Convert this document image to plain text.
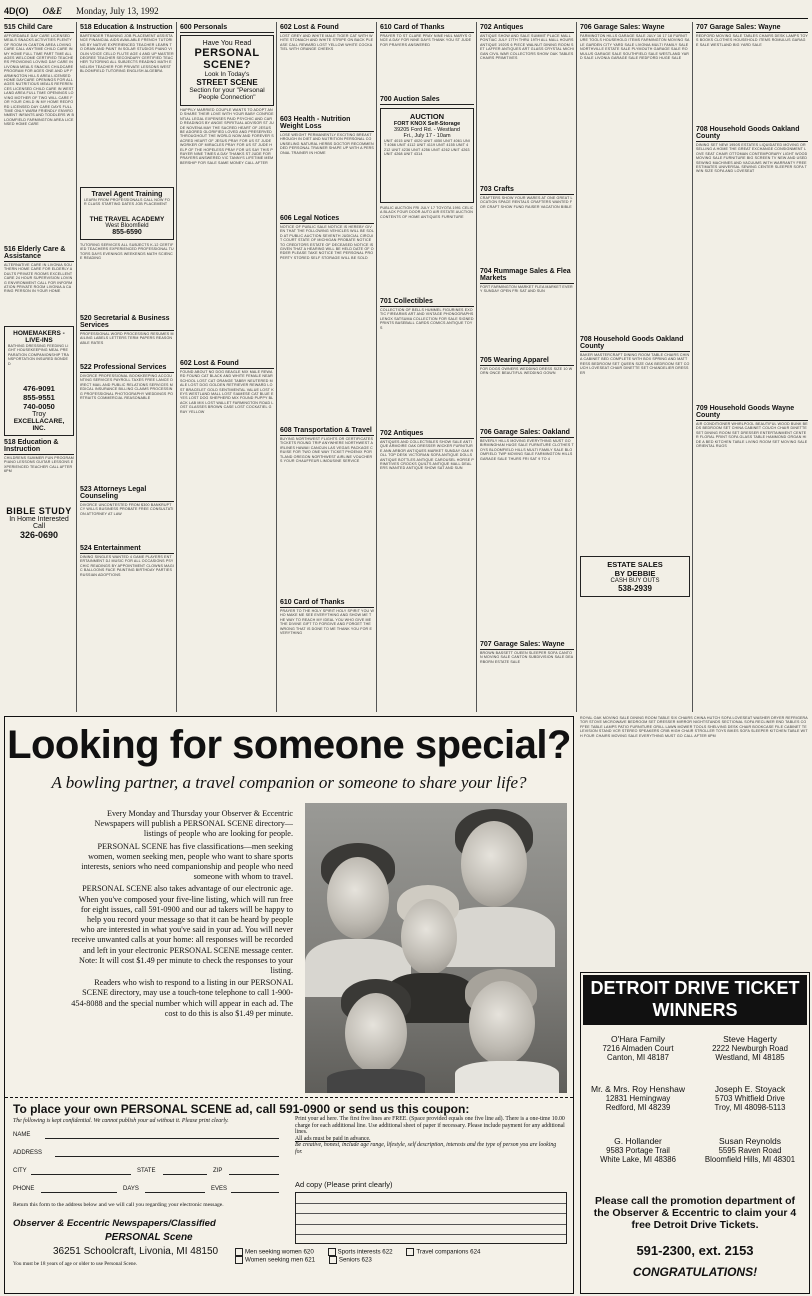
4D(O) O&E Monday, July 13, 1992
515 Child Care
AFFORDABLE DAY CARE LICENSED MEALS SNACKS ACTIVITIES PLENTY OF ROOM IN CANTON AREA LOVING CARE CALL ANYTIME CHILD CARE IN MY HOME FULL TIME PART TIME ALL AGES WELCOME CERTIFIED TEACHERS PROVIDING LOVING DAY CARE IN LIVONIA MEALS SNACKS CHILDCARE PROGRAM FOR AGES ONE AND UP FARMINGTON HILLS AREA LICENSED HOME DAYCARE OPENINGS FOR ALL AGES NUTRITIOUS MEALS REFERENCES LICENSED CHILD CARE IN WESTLAND AREA FULL TIME OPENINGS LOVING MOTHER OF TWO WILL CARE FOR YOUR CHILD IN MY HOME REDFORD LICENSED DAY CARE DAYS FULL TIME ONLY WARM FRIENDLY ENVIRONMENT INFANTS AND TODDLERS W BLOOMFIELD FARMINGTON AREA LICENSED HOME CARE
516 Elderly Care & Assistance
ALTERNATIVE CARE IN LIVONIA SOUTHERN HOME CARE FOR ELDERLY ADULTS PRIVATE ROOMS EXCELLENT CARE 24 HOUR SUPERVISION LOVING ENVIRONMENT CALL FOR INFORMATION PRIVATE ROOM LIVONIA A CARING PERSON IN YOUR HOME
HOMEMAKERS - LIVE-INS
BATHING DRESSING FEEDING LIGHT HOUSEKEEPING MEAL PREPARATION COMPANIONSHIP TRANSPORTATION INSURED BONDED
476-9091
855-9551
740-0050
Troy
EXCELLACARE, INC.
518 Education & Instruction
CHILDRENS SUMMER FUN PROGRAM PIANO LESSONS GUITAR LESSONS EXPERIENCED TEACHER CALL AFTER 6PM
BIBLE STUDY
In Home Interested Call
326-0690
518 Education & Instruction
BARTENDER TRAINING JOB PLACEMENT ASSISTANCE FINANCIAL AIDS AVAILABLE FRENCH TUTORING BY NATIVE EXPERIENCED TEACHER LEARN TO DRAW AND PAINT IN SOLAR STUDIOS PIANO VIOLIN VOICE CELLO FLUTE AGE 4 AND UP MASTER DEGREE TEACHER SECONDARY CERTIFIED TEACHER TUTORING ALL SUBJECTS READING MATH ENGLISH TEACHER FOR PRIVATE LESSONS WEST BLOOMFIELD TUTORING ENGLISH ALGEBRA
Travel Agent Training
LEARN FROM PROFESSIONALS CALL NOW FOR CLASS STARTING DATES JOB PLACEMENT
THE TRAVEL ACADEMY
West Bloomfield
855-6590
TUTORING SERVICES ALL SUBJECTS K-12 CERTIFIED TEACHERS EXPERIENCED PROFESSIONAL TUTORS DAYS EVENINGS WEEKENDS MATH SCIENCE READING
520 Secretarial & Business Services
PROFESSIONAL WORD PROCESSING RESUMES MAILING LABELS LETTERS TERM PAPERS REASONABLE RATES
522 Professional Services
DIVORCE PROFESSIONAL BOOKKEEPING ACCOUNTING SERVICES PAYROLL TAXES FREE LANCE DIRECT MAIL AND PUBLIC RELATIONS SERVICES MEDICAL INSURANCE BILLING CLAIMS PROCESSING PROFESSIONAL PHOTOGRAPHY WEDDINGS PORTRAITS COMMERCIAL REASONABLE
523 Attorneys Legal Counseling
DIVORCE UNCONTESTED FROM $300 BANKRUPTCY WILLS BUSINESS PROBATE FREE CONSULTATION ATTORNEY AT LAW
524 Entertainment
DINING SINGLES WANTED 4 GAME PLAYERS ENTERTAINMENT DJ MUSIC FOR ALL OCCASIONS PSYCHIC READINGS BY APPOINTMENT CLOWNS MAGIC BALLOONS FACE PAINTING BIRTHDAY PARTIES RUSSIAN ADOPTIONS
600 Personals
Have You Read
PERSONAL SCENE?
Look In Today's
STREET SCENE
Section for your "Personal People Connection"
HAPPILY MARRIED COUPLE WANTS TO ADOPT AND SHARE THEIR LOVE WITH YOUR BABY CONFIDENTIAL LEGAL EXPENSES PAID PSYCHIC AND CARD READINGS BY ANGIE SPIRITUAL ADVISOR ST JUDE NOVENA MAY THE SACRED HEART OF JESUS BE ADORED GLORIFIED LOVED AND PRESERVED THROUGHOUT THE WORLD NOW AND FOREVER SACRED HEART OF JESUS PRAY FOR US ST JUDE WORKER OF MIRACLES PRAY FOR US ST JUDE HELP OF THE HOPELESS PRAY FOR US SAY THIS PRAYER NINE TIMES A DAY THANKS ST JUDE FOR PRAYERS ANSWERED VIC TANNYS LIFETIME MEMBERSHIP FOR SALE SAME MONEY CALL AFTER
602 Lost & Found
FOUND ABOUT NO DOG BEAGLE MIX MALE REWARD FOUND CAT BLACK AND WHITE FEMALE NEAR SCHOOL LOST CAT ORANGE TABBY NEUTERED MALE LOST DOG GOLDEN RETRIEVER REWARD LOST BRACELET GOLD SENTIMENTAL VALUE LOST KEYS WESTLAND MALL LOST SIAMESE CAT BLUE EYES LOST DOG SHEPHERD MIX FOUND PUPPY BLACK LAB MIX LOST WALLET FARMINGTON ROAD LOST GLASSES BROWN CASE LOST COCKATIEL GRAY YELLOW
602 Lost & Found
LOST GREY AND WHITE MALE TIGER CAT WITH WHITE STOMACH AND WHITE STRIPE ON BACK PLEASE CALL REWARD LOST YELLOW WHITE COCKATIEL WITH ORANGE CHEEKS
603 Health - Nutrition Weight Loss
LOSE WEIGHT PERMANENTLY EXCITING BREAKTHROUGH IN DIET AND NUTRITION PERSONAL COUNSELING NATURAL HERBS DOCTOR RECOMMENDED PERSONAL TRAINER SHAPE UP WITH A PERSONAL TRAINER IN HOME
606 Legal Notices
NOTICE OF PUBLIC SALE NOTICE IS HEREBY GIVEN THAT THE FOLLOWING VEHICLES WILL BE SOLD AT PUBLIC AUCTION SEVENTH JUDICIAL CIRCUIT COURT STATE OF MICHIGAN PROBATE NOTICE TO CREDITORS ESTATE OF DECEASED NOTICE IS GIVEN THAT A HEARING WILL BE HELD DATE OF ORDER PLEASE TAKE NOTICE THE PERSONAL PROPERTY STORED SELF STORAGE WILL BE SOLD
608 Transportation & Travel
BUYING NORTHWEST FLIGHTS OR CERTIFICATES TICKETS ROUND TRIP ANYWHERE NORTHWEST AIRLINES HAWAII CANCUN LAS VEGAS PACKAGE CRUISE FOR TWO ONE WAY TICKET PHOENIX PORTLAND OREGON NORTHWEST AIRLINE VOUCHERS YOUR CHAUFFEUR LIMOUSINE SERVICE
610 Card of Thanks
PRAYER TO THE HOLY SPIRIT HOLY SPIRIT YOU WHO MAKE ME SEE EVERYTHING AND SHOW ME THE WAY TO REACH MY IDEAL YOU WHO GIVE ME THE DIVINE GIFT TO FORGIVE AND FORGET THE WRONG THAT IS DONE TO ME THANK YOU FOR EVERYTHING
610 Card of Thanks
PRAYER TO ST CLARE PRAY NINE HAIL MARYS ONCE A DAY FOR NINE DAYS THANK YOU ST JUDE FOR PRAYERS ANSWERED
700 Auction Sales
AUCTION
FORT KNOX Self-Storage
39205 Ford Rd. - Westland
Fri., July 17 - 10am
UNIT 4015 UNIT 4020 UNIT 4050 UNIT 4061 UNIT 4066 UNIT 4112 UNIT 4119 UNIT 4155 UNIT 4212 UNIT 4236 UNIT 4256 UNIT 4262 UNIT 4263 UNIT 4268 UNIT 4314
PUBLIC AUCTION FRI JULY 17 TOYOTA 1991 CELICA BLACK FOUR DOOR AUTO AIR ESTATE AUCTION CONTENTS OF HOME ANTIQUES FURNITURE
701 Collectibles
COLLECTION OF BELLS HUMMEL FIGURINES EXOTIC FIREARMS ART AND VINTAGE PHONOGRAPHS LENOX SATSUMA COLLECTION FOR SALE SIGNED PRINTS BASEBALL CARDS COMICS ANTIQUE TOYS
702 Antiques
ANTIQUES AND COLLECTIBLES SHOW SALE ANTIQUE ARMOIRE OAK DRESSER WICKER FURNITURE ANN ARBOR ANTIQUES MARKET SUNDAY OAK ROLL TOP DESK VICTORIAN SOFA ANTIQUE DOLLS ANTIQUE BOTTLES ANTIQUE CAROUSEL HORSE PRIMITIVES CROCKS QUILTS ANTIQUE MALL DEALERS WANTED ANTIQUE SHOW SAT AND SUN
702 Antiques
ANTIQUE SHOW AND SALE SUMMIT PLACE MALL PONTIAC JULY 17TH THRU 19TH ALL MALL HOURS ANTIQUE 1920S 6 PIECE WALNUT DINING ROOM SET LAFFER ANTIQUES ART GLASS CRYSTAL MICHIGAN CIVIL WAR COLLECTORS SHOW OAK TABLES CHAIRS PRIMITIVES
703 Crafts
CRAFTERS SHOW YOUR WARES AT ONE GREAT LOCATION SPACE RENTALS CRAFTERS WANTED FOR CRAFT SHOW FUND RAISER VACATION BIBLE
704 Rummage Sales & Flea Markets
FORT FARMINGTON MARKET FLEA MARKET EVERY SUNDAY OPEN FRI SAT AND SUN
705 Wearing Apparel
FOR DOGS OWNERS WEDDING DRESS SIZE 10 WORN ONCE BEAUTIFUL WEDDING GOWN
706 Garage Sales: Oakland
BEVERLY HILLS MOVING EVERYTHING MUST GO BIRMINGHAM HUGE SALE FURNITURE CLOTHES TOYS BLOOMFIELD HILLS MULTI FAMILY SALE BLOOMFIELD TWP MOVING SALE FARMINGTON HILLS GARAGE SALE THURS FRI SAT 9 TO 4
707 Garage Sales: Wayne
BROWN BASSETT OUEEN SLEEPER SOFA CANTON MOVING SALE CANTON SUBDIVISION SALE DEARBORN ESTATE SALE
706 Garage Sales: Wayne
FARMINGTON HILLS GARAGE SALE JULY 16 17 18 FURNITURE TOOLS HOUSEHOLD ITEMS FARMINGTON MOVING SALE GARDEN CITY YARD SALE LIVONIA MULTI FAMILY SALE NORTHVILLE ESTATE SALE PLYMOUTH GARAGE SALE ROMULUS GARAGE SALE SOUTHFIELD SALE WESTLAND YARD SALE LIVONIA GARAGE SALE REDFORD HUGE SALE
708 Household Goods Oakland County
BAKER MASTERCRAFT DINING ROOM TABLE CHAIRS CHINA CABINET BED COMPLETE WITH BOX SPRING AND MATTRESS BEDROOM SET QUEEN SIZE OAK BEDROOM SET COUCH LOVESEAT CHAIR DINETTE SET CHANDELIER DRESSER
ESTATE SALES
BY DEBBIE
CASH BUY OUTS
538-2939
707 Garage Sales: Wayne
REDFORD MOVING SALE TABLES CHAIRS DESK LAMPS TOYS BOOKS CLOTHES HOUSEHOLD ITEMS ROMULUS GARAGE SALE WESTLAND BIG YARD SALE
708 Household Goods Oakland County
DINING SET NEW 1950S ESTATES LIQUIDATED MOVING OR SELLING A HOME THE GREAT EXCHANGE CONSIGNMENT LOVE SEAT CHAIR OTTOMAN CONTEMPORARY LIGHT WOOD MOVING SALE FURNITURE BIG SCREEN TV NEW AND USED SEWING MACHINES AND VACUUMS WITH WARRANTY FREE ESTIMATES UNIVERSAL SEWING CENTER SLEEPER SOFA TWIN SIZE SOFA AND LOVESEAT
709 Household Goods Wayne County
AIR CONDITIONER WHIRLPOOL BEAUTIFUL WOOD BUNK BEDS BEDROOM SET CHINA CABINET COUCH CHAIR DINETTE SET DINING ROOM SET DRESSER ENTERTAINMENT CENTER FLORAL PRINT SOFA GLASS TABLE HAMMOND ORGAN HIDE A BED KITCHEN TABLE LIVING ROOM SET MOVING SALE ORIENTAL RUGS
Looking for someone special?
A bowling partner, a travel companion or someone to share your life?

Every Monday and Thursday your Observer & Eccentric Newspapers will publish a PERSONAL SCENE directory—listings of people who are looking for people.

PERSONAL SCENE has five classifications—men seeking women, women seeking men, people who want to share sports interests, seniors who need companionship and people who need someone with whom to travel.

PERSONAL SCENE also takes advantage of our electronic age. When you've composed your five-line listing, which will run free for eight issues, call 591-0900 and our ad takers will be happy to help you record your message so that it can be heard by people who are interested in what you've said in your ad. You will never receive unwanted calls at your home: all responses will be recorded and left in your electronic PERSONAL SCENE message center. Note: It will cost $1.49 per minute to check the responses to your listing.

Readers who wish to respond to a listing in our PERSONAL SCENE directory, may use a touch-tone telephone to call 1-900-454-8088 and the special number which will appear in each ad. The cost to do this is also $1.49 per minute.

To place your own PERSONAL SCENE ad, call 591-0900 or send us this coupon:
The following is kept confidential. We cannot publish your ad without it. Please print clearly.
NAME
ADDRESS
CITY	STATE	ZIP
PHONE	DAYS	EVES
Return this form to the address below and we will call you regarding your electronic message.
Observer & Eccentric Newspapers/Classified
PERSONAL Scene
36251 Schoolcraft, Livonia, MI 48150
You must be 18 years of age or older to use Personal Scene.
Print your ad here. The first five lines are FREE. (Space provided equals one five line ad). There is a one-time 10.00 charge for each additional line. Use additional sheet of paper if necessary. Please include payment for any additional lines.
All ads must be paid in advance.
Be creative, honest, include age range, lifestyle, self description, interests and the type of person you are looking for.
Ad copy (Please print clearly)
Men seeking women 620	Sports interests 622	Travel companions 624
Women seeking men 621	Seniors 623
ROYAL OAK MOVING SALE DINING ROOM TABLE SIX CHAIRS CHINA HUTCH SOFA LOVESEAT WASHER DRYER REFRIGERATOR STOVE MICROWAVE BEDROOM SET DRESSER MIRROR NIGHTSTANDS SECTIONAL SOFA RECLINER END TABLES COFFEE TABLE LAMPS PATIO FURNITURE GRILL LAWN MOWER TOOLS SHELVING DESK CHAIR BOOKCASE FILE CABINET TELEVISION STAND VCR STEREO SPEAKERS CRIB HIGH CHAIR STROLLER TOYS BIKES SOFA SLEEPER KITCHEN TABLE WITH FOUR CHAIRS MOVING SALE EVERYTHING MUST GO CALL AFTER 6PM
DETROIT DRIVE TICKET WINNERS
O'Hara Family
7216 Almaden Court
Canton, MI 48187
Steve Hagerty
2222 Newburgh Road
Westland, MI 48185
Mr. & Mrs. Roy Henshaw
12831 Hemingway
Redford, MI 48239
Joseph E. Stoyack
5703 Whitfield Drive
Troy, MI 48098-5113
G. Hollander
9583 Portage Trail
White Lake, MI 48386
Susan Reynolds
5595 Raven Road
Bloomfield Hills, MI 48301
Please call the promotion department of the Observer & Eccentric to claim your 4 free Detroit Drive Tickets.
591-2300, ext. 2153
CONGRATULATIONS!
